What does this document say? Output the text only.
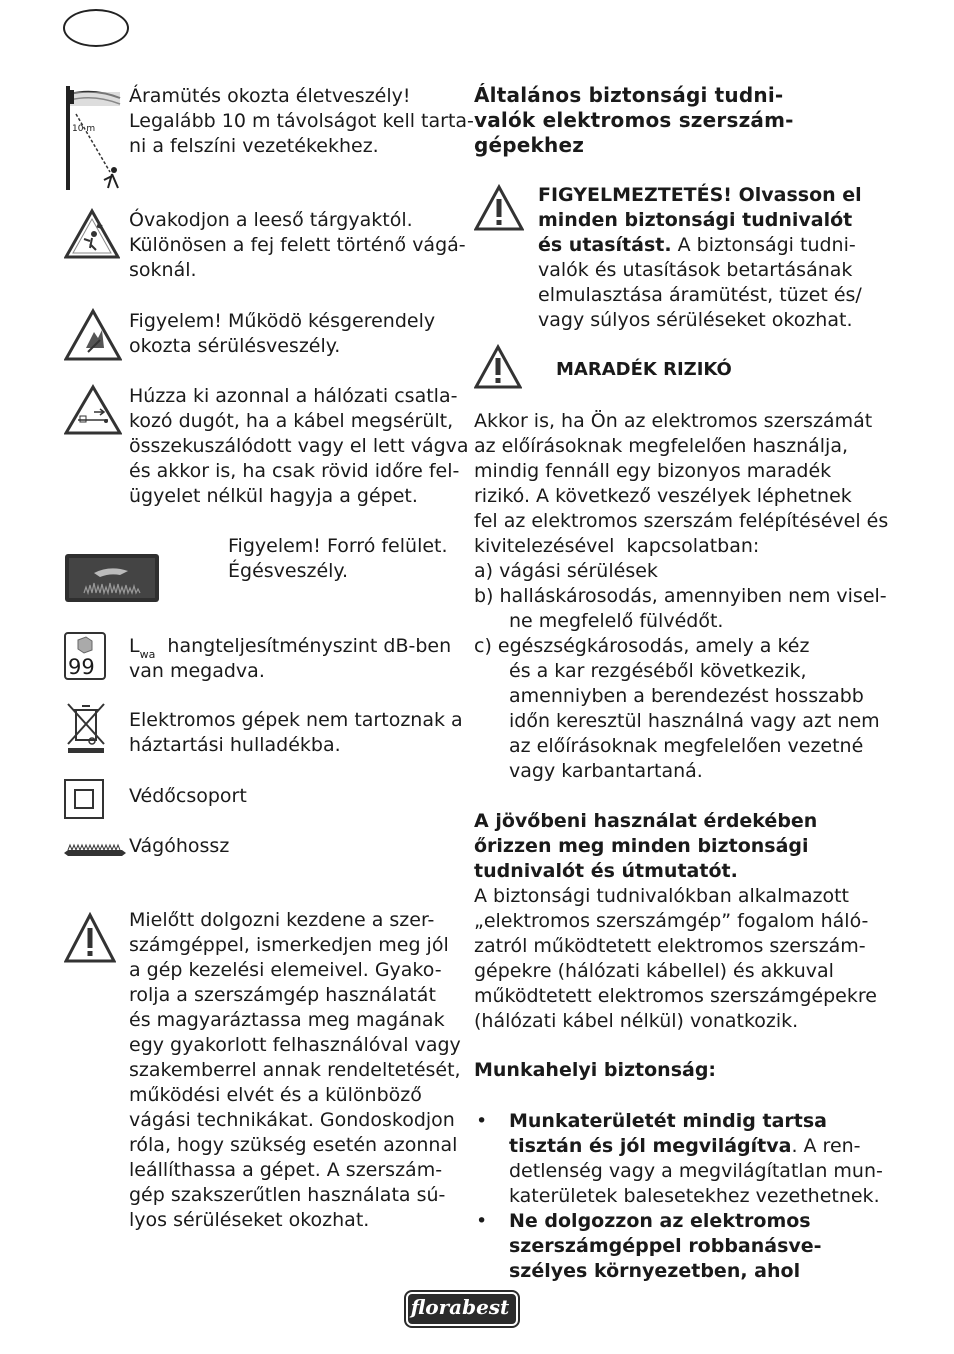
10 m
Áramütés okozta életveszély!
Legalább 10 m távolságot kell tarta-
ni a felszíni vezetékekhez.
Óvakodjon a leeső tárgyaktól.
Különösen a fej felett történő vágá-
soknál.
Figyelem! Működö késgerendely
okozta sérülésveszély.
Húzza ki azonnal a hálózati csatla-
kozó dugót, ha a kábel megsérült,
összekuszálódott vagy el lett vágva
és akkor is, ha csak rövid időre fel-
ügyelet nélkül hagyja a gépet.
Figyelem! Forró felület.
Égésveszély.
99
$L_{wa}$  hangteljesítményszint dB-ben
van megadva.
Elektromos gépek nem tartoznak a
háztartási hulladékba.
Védőcsoport
Vágóhossz
Mielőtt dolgozni kezdene a szer-
számgéppel, ismerkedjen meg jól
a gép kezelési elemeivel. Gyako-
rolja a szerszámgép használatát
és magyaráztassa meg magának
egy gyakorlott felhasználóval vagy
szakemberrel annak rendeltetését,
működési elvét és a különböző
vágási technikákat. Gondoskodjon
róla, hogy szükség esetén azonnal
leállíthassa a gépet. A szerszám-
gép szakszerűtlen használata sú-
lyos sérüléseket okozhat.
Általános biztonsági tudni-
valók elektromos szerszám-
gépekhez
FIGYELMEZTETÉS! Olvasson el
minden biztonsági tudnivalót
és utasítást. A biztonsági tudni-
valók és utasítások betartásának
elmulasztása áramütést, tüzet és/
vagy súlyos sérüléseket okozhat.
MARADÉK RIZIKÓ
Akkor is, ha Ön az elektromos szerszámát
az előírásoknak megfelelően használja,
mindig fennáll egy bizonyos maradék
rizikó. A következő veszélyek léphetnek
fel az elektromos szerszám felépítésével és
kivitelezésével  kapcsolatban:
a) vágási sérülések
b) halláskárosodás, amennyiben nem visel-
ne megfelelő fülvédőt.
c) egészségkárosodás, amely a kéz
és a kar rezgéséből következik,
amenniyben a berendezést hosszabb
időn keresztül használná vagy azt nem
az előírásoknak megfelelően vezetné
vagy karbantartaná.
A jövőbeni használat érdekében
őrizzen meg minden biztonsági
tudnivalót és útmutatót.
A biztonsági tudnivalókban alkalmazott
„elektromos szerszámgép” fogalom háló-
zatról működtetett elektromos szerszám-
gépekre (hálózati kábellel) és akkuval
működtetett elektromos szerszámgépekre
(hálózati kábel nélkül) vonatkozik.
Munkahelyi biztonság:
• Munkaterületét mindig tartsa
tisztán és jól megvilágítva. A ren-
detlenség vagy a megvilágítatlan mun-
katerületek balesetekhez vezethetnek.
• Ne dolgozzon az elektromos
szerszámgéppel robbanásve-
szélyes környezetben, ahol
florabest
